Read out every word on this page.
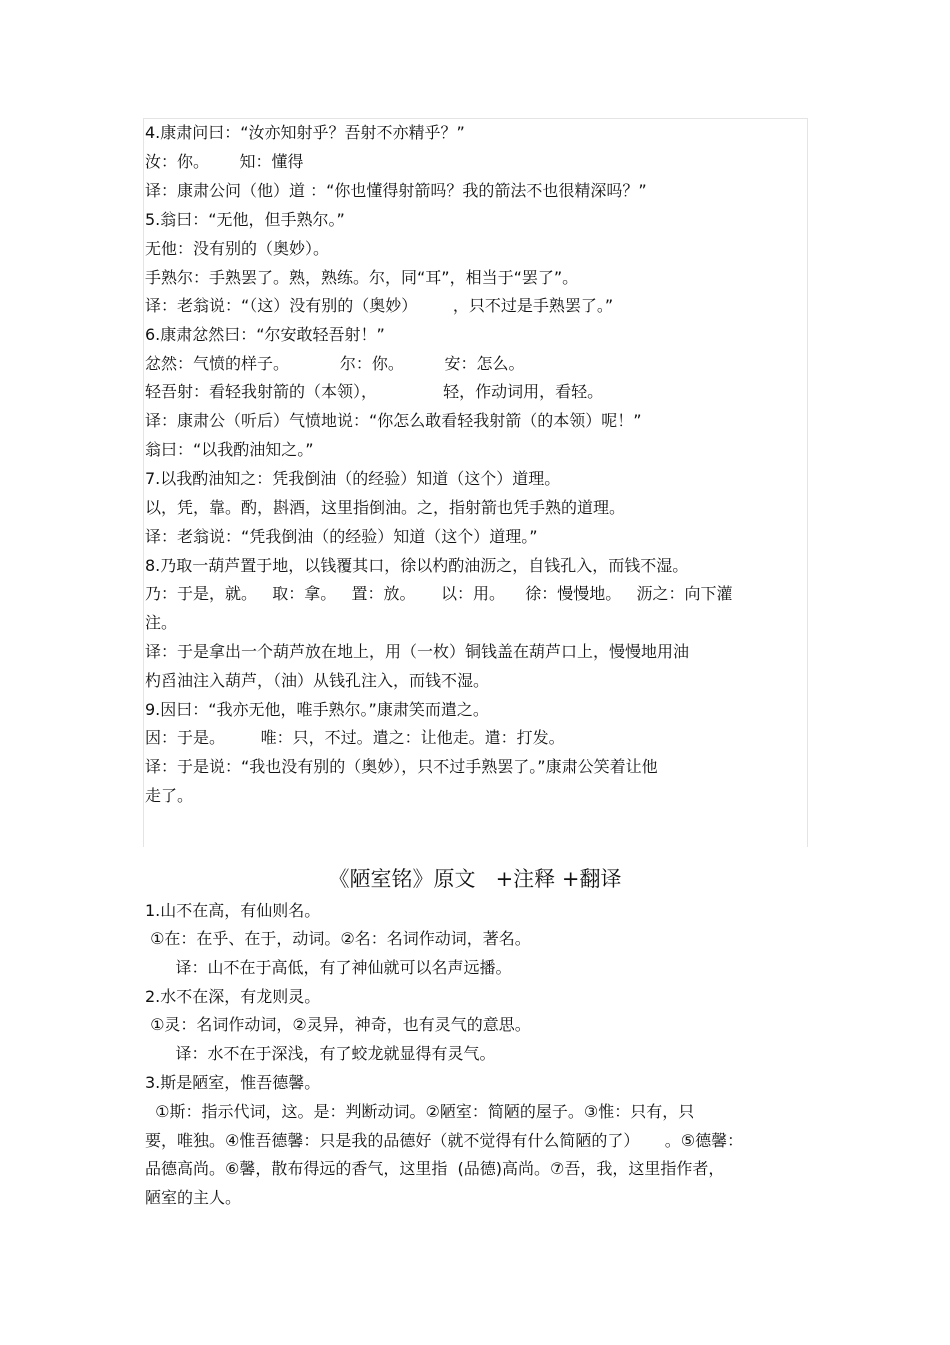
4.康肃问曰：“汝亦知射乎？吾射不亦精乎？”
汝：你。      知：懂得
译：康肃公问（他）道 ：“你也懂得射箭吗？我的箭法不也很精深吗？”
5.翁曰：“无他，但手熟尔。”
无他：没有别的（奥妙）。
手熟尔：手熟罢了。熟，熟练。尔，同“耳”，相当于“罢了”。
译：老翁说：“（这）没有别的（奥妙）       ，只不过是手熟罢了。”
6.康肃忿然曰：“尔安敢轻吾射！”
忿然：气愤的样子。          尔：你。        安：怎么。
轻吾射：看轻我射箭的（本领），             轻，作动词用，看轻。
译：康肃公（听后）气愤地说：“你怎么敢看轻我射箭（的本领）呢！”
翁曰：“以我酌油知之。”
7.以我酌油知之：凭我倒油（的经验）知道（这个）道理。
以，凭，靠。酌，斟酒，这里指倒油。之，指射箭也凭手熟的道理。
译：老翁说：“凭我倒油（的经验）知道（这个）道理。”
8.乃取一葫芦置于地，以钱覆其口，徐以杓酌油沥之，自钱孔入，而钱不湿。
乃：于是，就。   取：拿。   置：放。     以：用。    徐：慢慢地。   沥之：向下灌
注。
译：于是拿出一个葫芦放在地上，用（一枚）铜钱盖在葫芦口上，慢慢地用油
杓舀油注入葫芦，（油）从钱孔注入，而钱不湿。
9.因曰：“我亦无他，唯手熟尔。”康肃笑而遣之。
因：于是。       唯：只，不过。遣之：让他走。遣：打发。
译：于是说：“我也没有别的（奥妙），只不过手熟罢了。”康肃公笑着让他
走了。
《陋室铭》原文   +注释 +翻译
1.山不在高，有仙则名。
①在：在乎、在于，动词。②名：名词作动词，著名。
译：山不在于高低，有了神仙就可以名声远播。
2.水不在深，有龙则灵。
①灵：名词作动词，②灵异，神奇，也有灵气的意思。
译：水不在于深浅，有了蛟龙就显得有灵气。
3.斯是陋室，惟吾德馨。
①斯：指示代词，这。是：判断动词。②陋室：简陋的屋子。③惟：只有，只
要，唯独。④惟吾德馨：只是我的品德好（就不觉得有什么简陋的了）     。⑤德馨：
品德高尚。⑥馨，散布得远的香气，这里指  (品德)高尚。⑦吾，我，这里指作者，
陋室的主人。
